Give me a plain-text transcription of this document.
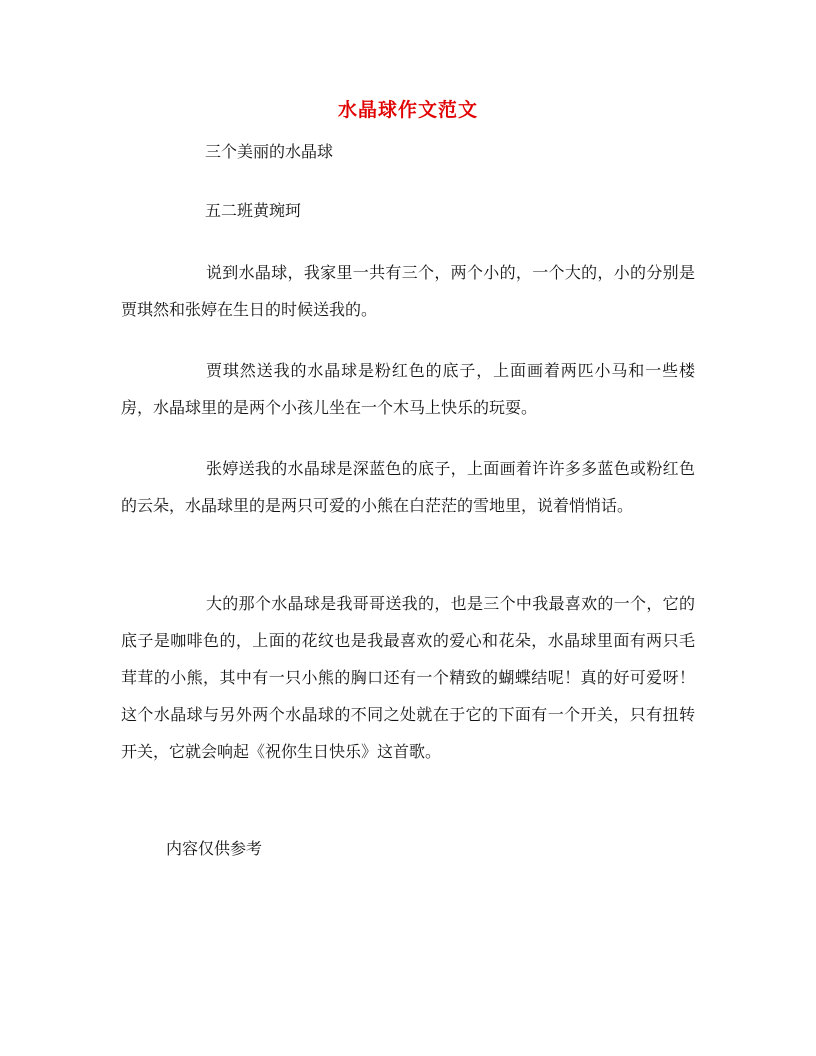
水晶球作文范文
三个美丽的水晶球
五二班黄琬珂

说到水晶球，我家里一共有三个，两个小的，一个大的，小的分别是贾琪然和张婷在生日的时候送我的。

贾琪然送我的水晶球是粉红色的底子，上面画着两匹小马和一些楼房，水晶球里的是两个小孩儿坐在一个木马上快乐的玩耍。

张婷送我的水晶球是深蓝色的底子，上面画着许许多多蓝色或粉红色的云朵，水晶球里的是两只可爱的小熊在白茫茫的雪地里，说着悄悄话。

大的那个水晶球是我哥哥送我的，也是三个中我最喜欢的一个，它的底子是咖啡色的，上面的花纹也是我最喜欢的爱心和花朵，水晶球里面有两只毛茸茸的小熊，其中有一只小熊的胸口还有一个精致的蝴蝶结呢！真的好可爱呀！这个水晶球与另外两个水晶球的不同之处就在于它的下面有一个开关，只有扭转开关，它就会响起《祝你生日快乐》这首歌。

内容仅供参考
